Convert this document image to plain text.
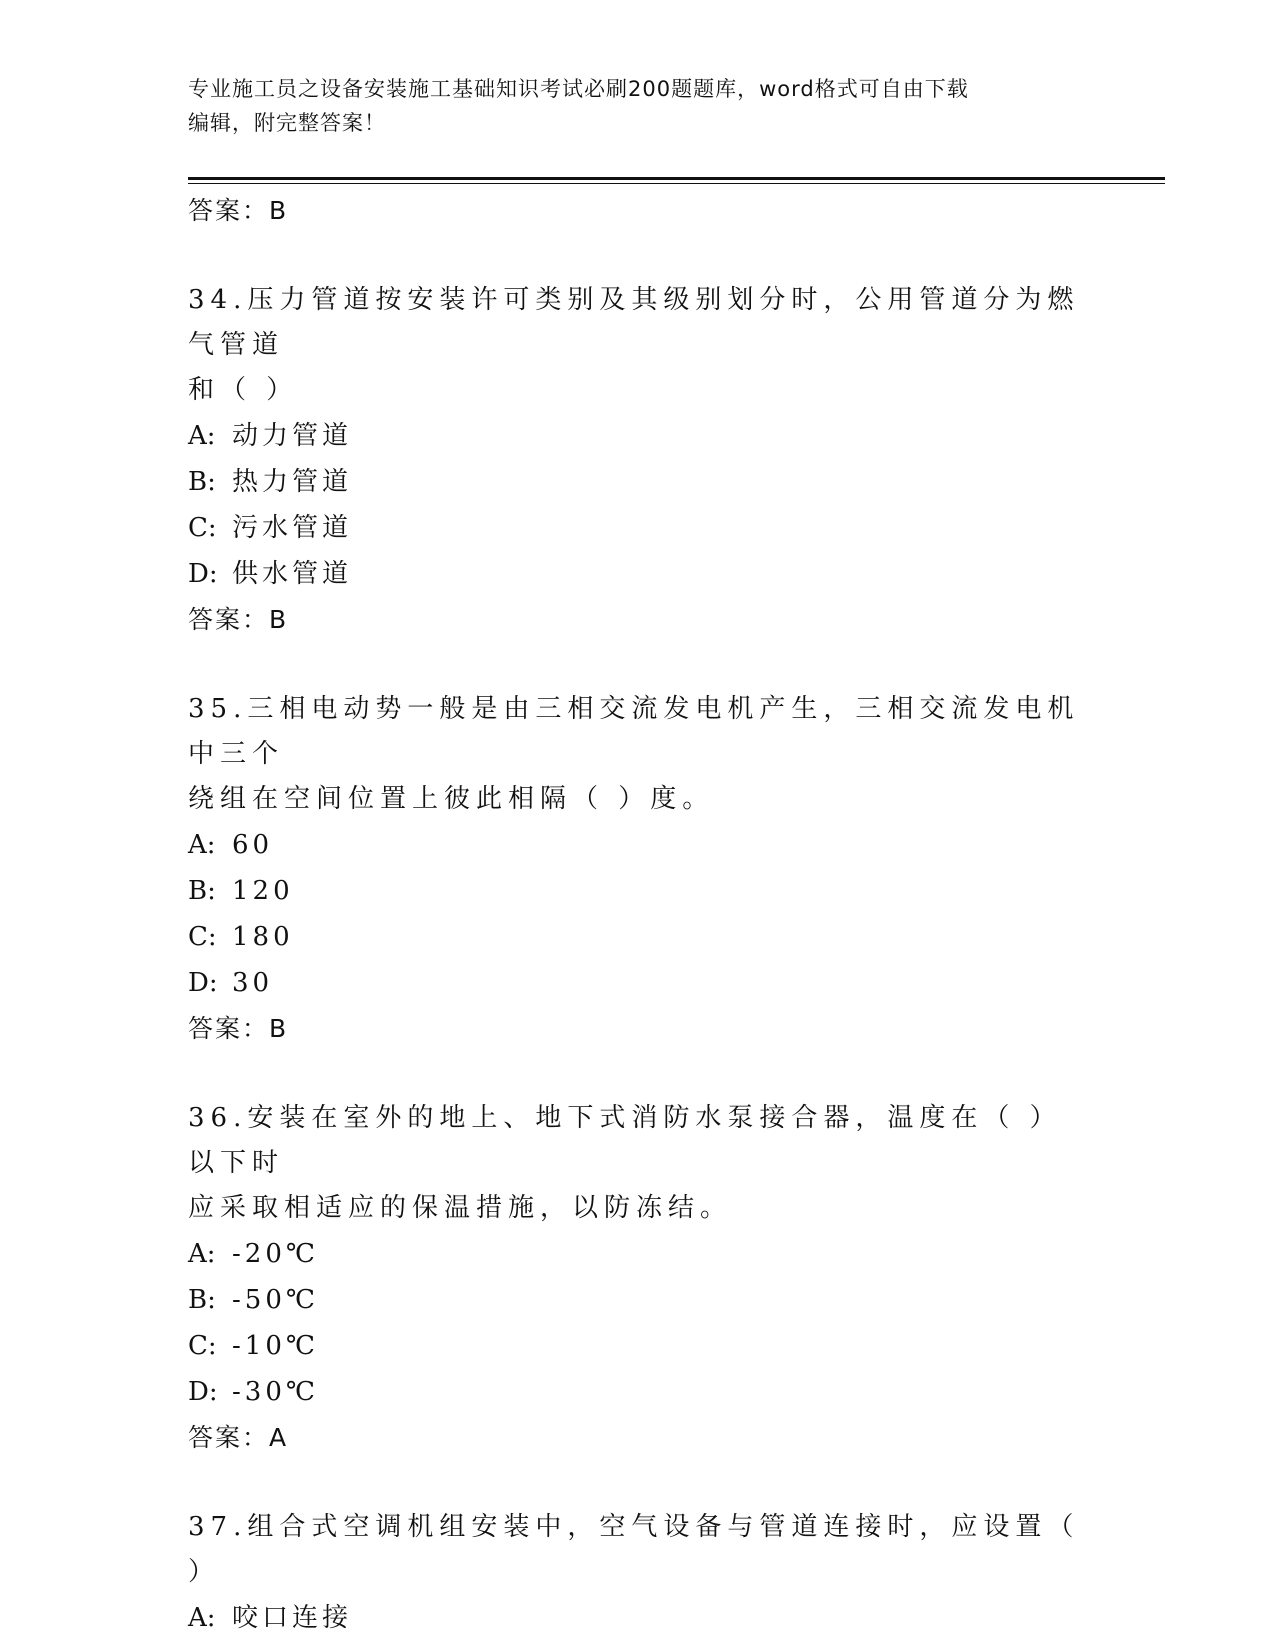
专业施工员之设备安装施工基础知识考试必刷200题题库，word格式可自由下载
编辑，附完整答案！
答案：B
34.压力管道按安装许可类别及其级别划分时，公用管道分为燃气管道
和（ ）
A: 动力管道
B: 热力管道
C: 污水管道
D: 供水管道
答案：B
35.三相电动势一般是由三相交流发电机产生，三相交流发电机中三个
绕组在空间位置上彼此相隔（ ）度。
A: 60
B: 120
C: 180
D: 30
答案：B
36.安装在室外的地上、地下式消防水泵接合器，温度在（ ）以下时
应采取相适应的保温措施，以防冻结。
A: -20℃
B: -50℃
C: -10℃
D: -30℃
答案：A
37.组合式空调机组安装中，空气设备与管道连接时，应设置（ ）
A: 咬口连接
